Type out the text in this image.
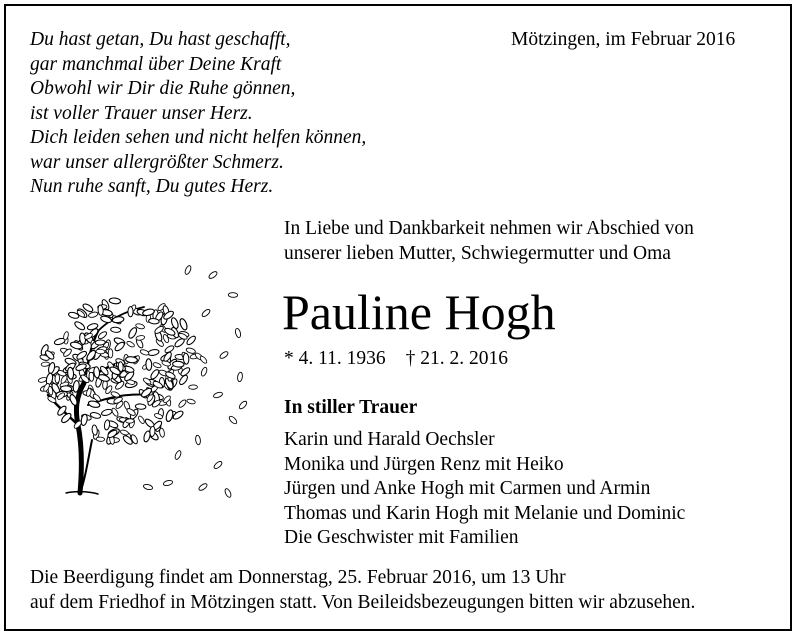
Du hast getan, Du hast geschafft,
gar manchmal über Deine Kraft
Obwohl wir Dir die Ruhe gönnen,
ist voller Trauer unser Herz.
Dich leiden sehen und nicht helfen können,
war unser allergrößter Schmerz.
Nun ruhe sanft, Du gutes Herz.
Mötzingen, im Februar 2016
In Liebe und Dankbarkeit nehmen wir Abschied von
unserer lieben Mutter, Schwiegermutter und Oma
Pauline Hogh
* 4. 11. 1936 † 21. 2. 2016
In stiller Trauer
Karin und Harald Oechsler
Monika und Jürgen Renz mit Heiko
Jürgen und Anke Hogh mit Carmen und Armin
Thomas und Karin Hogh mit Melanie und Dominic
Die Geschwister mit Familien
Die Beerdigung findet am Donnerstag, 25. Februar 2016, um 13 Uhr
auf dem Friedhof in Mötzingen statt. Von Beileidsbezeugungen bitten wir abzusehen.
